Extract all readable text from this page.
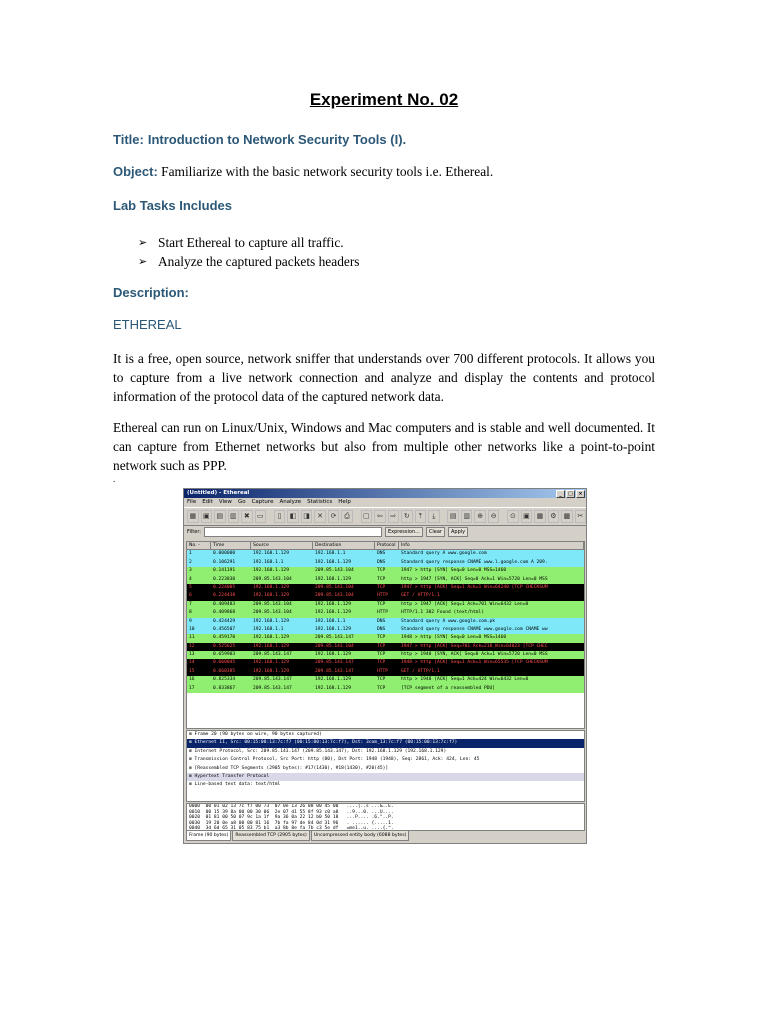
Experiment No. 02
Title: Introduction to Network Security Tools (I).
Object: Familiarize with the basic network security tools i.e. Ethereal.
Lab Tasks Includes
➢ Start Ethereal to capture all traffic.
➢ Analyze the captured packets headers
Description:
ETHEREAL
It is a free, open source, network sniffer that understands over 700 different protocols. It allows you to capture from a live network connection and analyze and display the contents and protocol information of the protocol data of the captured network data.
Ethereal can run on Linux/Unix, Windows and Mac computers and is stable and well documented. It can capture from Ethernet networks but also from multiple other networks like a point-to-point network such as PPP.
.
(Untitled) - Ethereal	_	□	×
File Edit View Go Capture Analyze Statistics Help
▦ ▣ ▤ ▥	✖	▭	▯	◧ ◨	✕	⟳	⎙	▢	⇦	⇨	↻	⤒	⤓	▤ ▥	⊕	⊖	⊙	▣ ▦	⚙	▩	✂
Filter:	Expression...	Clear	Apply
No. -	Time	Source	Destination	Protocol	Info
1	0.000000	192.168.1.129	192.168.1.1	DNS	Standard query A www.google.com
2	0.106291	192.168.1.1	192.168.1.129	DNS	Standard query response CNAME www.l.google.com A 209.
3	0.141191	192.168.1.129	209.85.143.104	TCP	1947 > http [SYN] Seq=0 Len=0 MSS=1460
4	0.223830	209.85.143.104	192.168.1.129	TCP	http > 1947 [SYN, ACK] Seq=0 Ack=1 Win=5720 Len=0 MSS
5	0.224005	192.168.1.129	209.85.143.104	TCP	1947 > http [ACK] Seq=1 Ack=1 Win=64240 [TCP CHECKSUM
6	0.224438	192.168.1.129	209.85.143.104	HTTP	GET / HTTP/1.1
7	0.409483	209.85.143.104	192.168.1.129	TCP	http > 1947 [ACK] Seq=1 Ack=701 Win=6432 Len=0
8	0.409868	209.85.143.104	192.168.1.129	HTTP	HTTP/1.1 302 Found (text/html)
9	0.424429	192.168.1.129	192.168.1.1	DNS	Standard query A www.google.com.pk
10	0.456507	192.168.1.1	192.168.1.129	DNS	Standard query response CNAME www.google.com CNAME ww
11	0.459170	192.168.1.129	209.85.143.147	TCP	1948 > http [SYN] Seq=0 Len=0 MSS=1460
12	0.525625	192.168.1.129	209.85.143.104	TCP	1947 > http [ACK] Seq=701 Ack=218 Win=64023 [TCP CHEC
13	0.659903	209.85.143.147	192.168.1.129	TCP	http > 1948 [SYN, ACK] Seq=0 Ack=1 Win=5720 Len=0 MSS
14	0.660045	192.168.1.129	209.85.143.147	TCP	1948 > http [ACK] Seq=1 Ack=1 Win=65535 [TCP CHECKSUM
15	0.660385	192.168.1.129	209.85.143.147	HTTP	GET / HTTP/1.1
16	0.825334	209.85.143.147	192.168.1.129	TCP	http > 1948 [ACK] Seq=1 Ack=424 Win=6432 Len=0
17	0.833867	209.85.143.147	192.168.1.129	TCP	[TCP segment of a reassembled PDU]
⊞ Frame 20 (90 bytes on wire, 90 bytes captured)
⊞ Ethernet II, Src: 00:15:00:13:7c:f7 (00:15:00:13:7c:f7), Dst: 3com_13:7c:f7 (00:15:00:13:7c:f7)
⊞ Internet Protocol, Src: 209.85.143.147 (209.85.143.147), Dst: 192.168.1.129 (192.168.1.129)
⊞ Transmission Control Protocol, Src Port: http (80), Dst Port: 1948 (1948), Seq: 2861, Ack: 424, Len: 45
⊞ [Reassembled TCP Segments (2905 bytes): #17(1430), #18(1430), #20(45)]
⊞ Hypertext Transfer Protocol
⊞ Line-based text data: text/html
0000  00 01 02 13 7c f7 00 73  07 0e 13 26 08 00 45 00   ....|..s ...&..E.
0010  00 15 39 8a 00 00 30 06  2e 07 d1 55 8f 93 c0 a8   ..9...0. ...U....
0020  01 81 00 50 07 9c 1a 1f  9a 36 0a 22 12 b0 50 18   ...P.... .6."..P.
0030  19 20 0e a8 00 00 81 16  7b fa 97 de 84 0d 31 96   . ...... {.....1.
0040  3d 6d 65 31 05 83 75 b1  a3 8b 8e fa 7b c3 5e df   =me1..u. ....{.^.
Frame (90 bytes)	Reassembled TCP (2905 bytes)	Uncompressed entity body (6088 bytes)
